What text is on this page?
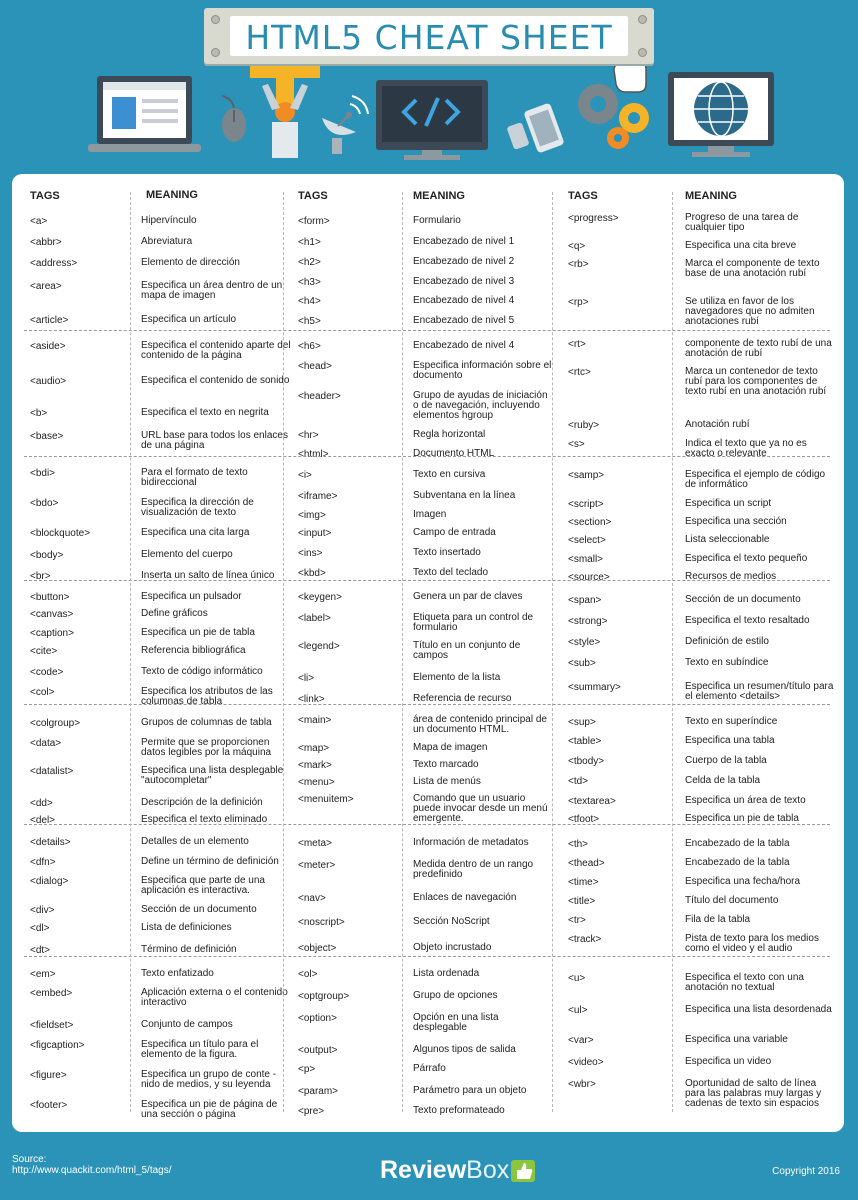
HTML5 CHEAT SHEET
TAGS	MEANING
<a>	Hipervínculo
<abbr>	Abreviatura
<address>	Elemento de dirección
<area>	Especifica un área dentro de un mapa de imagen
<article>	Especifica un artículo
<aside>	Especifica el contenido aparte del contenido de la página
<audio>	Especifica el contenido de sonido
<b>	Especifica el texto en negrita
<base>	URL base para todos los enlaces de una página
<bdi>	Para el formato de texto bidireccional
<bdo>	Especifica la dirección de visualización de texto
<blockquote>	Especifica una cita larga
<body>	Elemento del cuerpo
<br>	Inserta un salto de línea único
<button>	Especifica un pulsador
<canvas>	Define gráficos
<caption>	Especifica un pie de tabla
<cite>	Referencia bibliográfica
<code>	Texto de código informático
<col>	Especifica los atributos de las columnas de tabla
<colgroup>	Grupos de columnas de tabla
<data>	Permite que se proporcionen datos legibles por la máquina
<datalist>	Especifica una lista desplegable "autocompletar"
<dd>	Descripción de la definición
<del>	Especifica el texto eliminado
<details>	Detalles de un elemento
<dfn>	Define un término de definición
<dialog>	Especifica que parte de una aplicación es interactiva.
<div>	Sección de un documento
<dl>	Lista de definiciones
<dt>	Término de definición
<em>	Texto enfatizado
<embed>	Aplicación externa o el contenido interactivo
<fieldset>	Conjunto de campos
<figcaption>	Especifica un título para el elemento de la figura.
<figure>	Especifica un grupo de conte -nido de medios, y su leyenda
<footer>	Especifica un pie de página de una sección o página
TAGS	MEANING
<form>	Formulario
<h1>	Encabezado de nivel 1
<h2>	Encabezado de nivel 2
<h3>	Encabezado de nivel 3
<h4>	Encabezado de nivel 4
<h5>	Encabezado de nivel 5
<h6>	Encabezado de nivel 4
<head>	Especifica información sobre el documento
<header>	Grupo de ayudas de iniciación o de navegación, incluyendo elementos hgroup
<hr>	Regla horizontal
<html>	Documento HTML
<i>	Texto en cursiva
<iframe>	Subventana en la línea
<img>	Imagen
<input>	Campo de entrada
<ins>	Texto insertado
<kbd>	Texto del teclado
<keygen>	Genera un par de claves
<label>	Etiqueta para un control de formulario
<legend>	Título en un conjunto de campos
<li>	Elemento de la lista
<link>	Referencia de recurso
<main>	área de contenido principal de un documento HTML.
<map>	Mapa de imagen
<mark>	Texto marcado
<menu>	Lista de menús
<menuitem>	Comando que un usuario puede invocar desde un menú emergente.
<meta>	Información de metadatos
<meter>	Medida dentro de un rango predefinido
<nav>	Enlaces de navegación
<noscript>	Sección NoScript
<object>	Objeto incrustado
<ol>	Lista ordenada
<optgroup>	Grupo de opciones
<option>	Opción en una lista desplegable
<output>	Algunos tipos de salida
<p>	Párrafo
<param>	Parámetro para un objeto
<pre>	Texto preformateado
TAGS	MEANING
<progress>	Progreso de una tarea de cualquier tipo
<q>	Especifica una cita breve
<rb>	Marca el componente de texto base de una anotación rubí
<rp>	Se utiliza en favor de los navegadores que no admiten anotaciones rubí
<rt>	componente de texto rubí de una anotación de rubí
<rtc>	Marca un contenedor de texto rubí para los componentes de texto rubí en una anotación rubí
<ruby>	Anotación rubí
<s>	Indica el texto que ya no es exacto o relevante
<samp>	Especifica el ejemplo de código de informático
<script>	Especifica un script
<section>	Especifica una sección
<select>	Lista seleccionable
<small>	Especifica el texto pequeño
<source>	Recursos de medios
<span>	Sección de un documento
<strong>	Especifica el texto resaltado
<style>	Definición de estilo
<sub>	Texto en subíndice
<summary>	Especifica un resumen/título para el elemento <details>
<sup>	Texto en superíndice
<table>	Especifica una tabla
<tbody>	Cuerpo de la tabla
<td>	Celda de la tabla
<textarea>	Especifica un área de texto
<tfoot>	Especifica un pie de tabla
<th>	Encabezado de la tabla
<thead>	Encabezado de la tabla
<time>	Especifica una fecha/hora
<title>	Título del documento
<tr>	Fila de la tabla
<track>	Pista de texto para los medios como el video y el audio
<u>	Especifica el texto con una anotación no textual
<ul>	Especifica una lista desordenada
<var>	Especifica una variable
<video>	Especifica un video
<wbr>	Oportunidad de salto de línea para las palabras muy largas y cadenas de texto sin espacios
Source:
http://www.quackit.com/html_5/tags/	ReviewBox	Copyright 2016
